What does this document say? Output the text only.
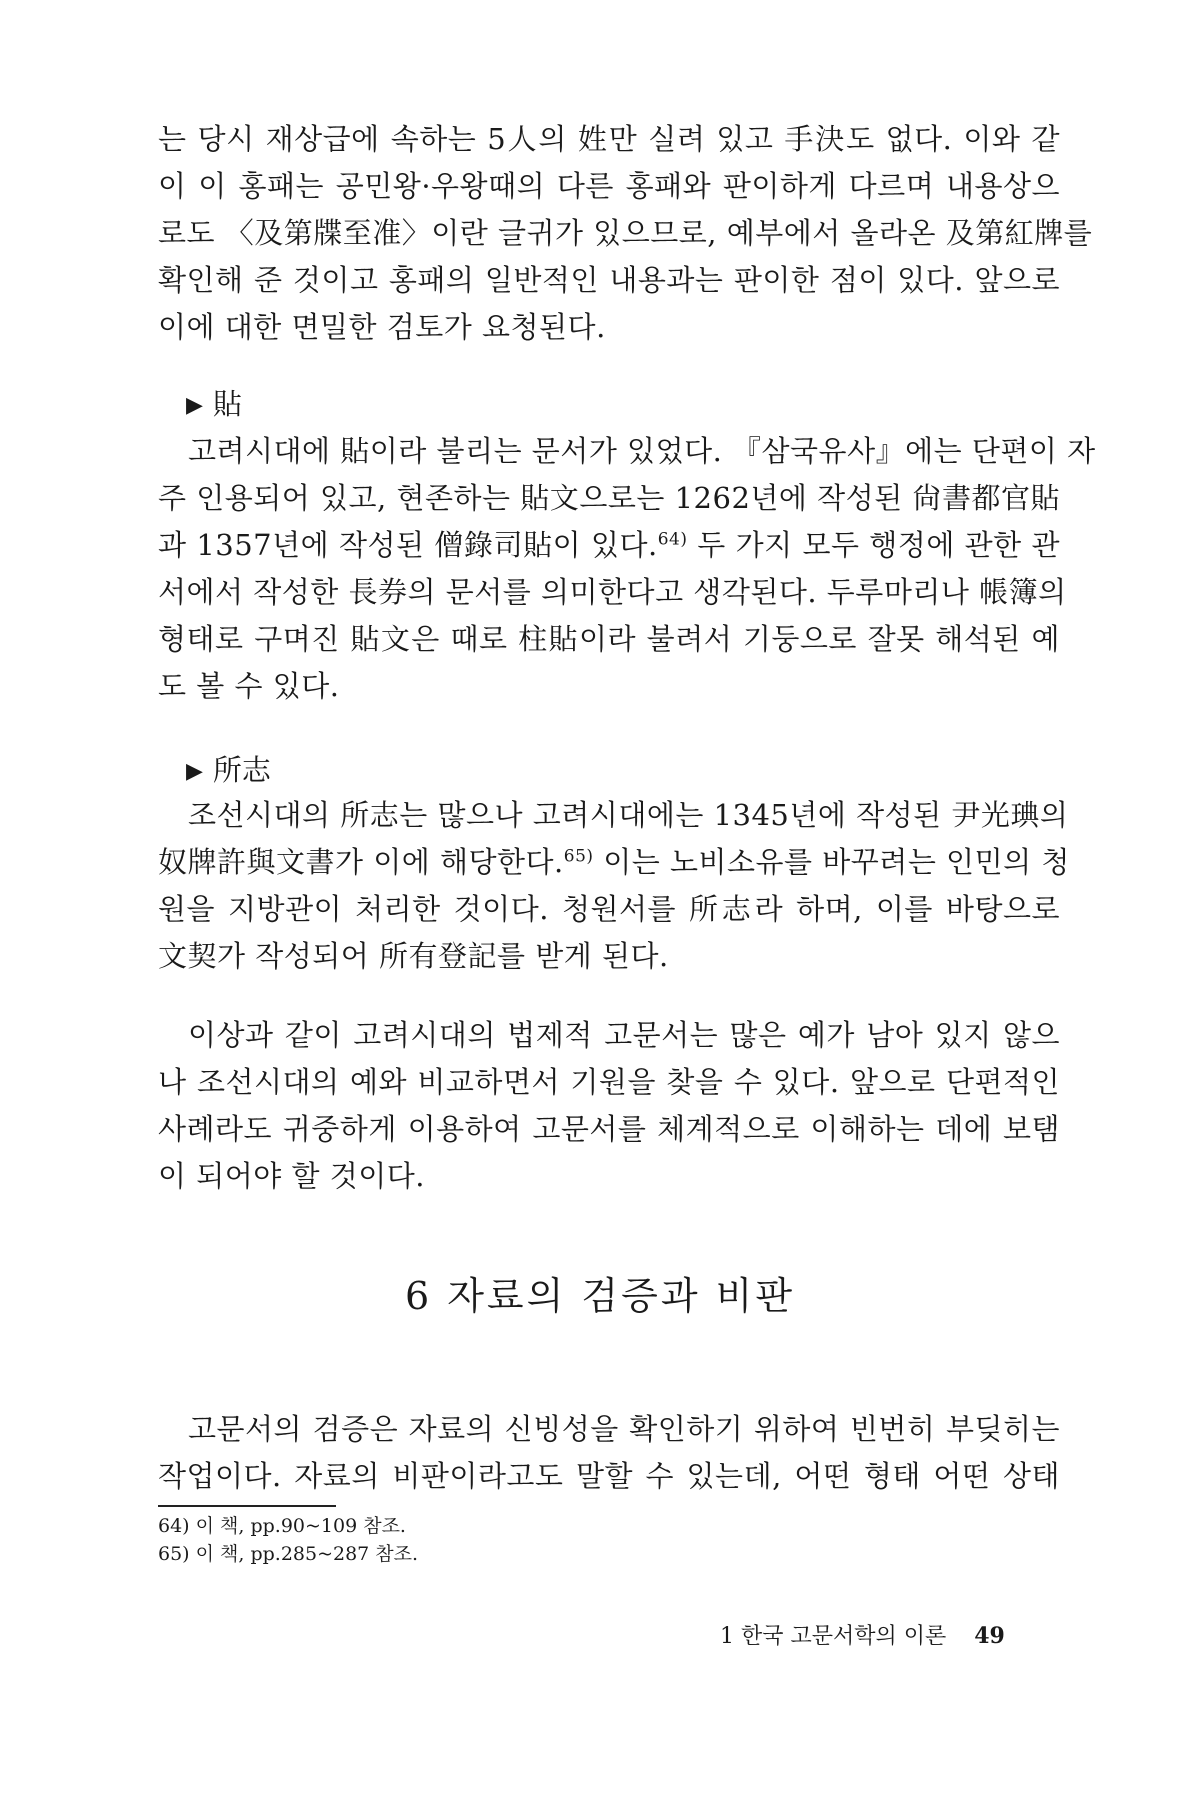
는 당시 재상급에 속하는 5人의 姓만 실려 있고 手決도 없다. 이와 같
이 이 홍패는 공민왕·우왕때의 다른 홍패와 판이하게 다르며 내용상으
로도 〈及第牒至准〉이란 글귀가 있으므로, 예부에서 올라온 及第紅牌를
확인해 준 것이고 홍패의 일반적인 내용과는 판이한 점이 있다. 앞으로
이에 대한 면밀한 검토가 요청된다.
▶ 貼
고려시대에 貼이라 불리는 문서가 있었다. 『삼국유사』에는 단편이 자
주 인용되어 있고, 현존하는 貼文으로는 1262년에 작성된 尙書都官貼
과 1357년에 작성된 僧錄司貼이 있다.$^{64)}$ 두 가지 모두 행정에 관한 관
서에서 작성한 長券의 문서를 의미한다고 생각된다. 두루마리나 帳簿의
형태로 구며진 貼文은 때로 柱貼이라 불려서 기둥으로 잘못 해석된 예
도 볼 수 있다.
▶ 所志
조선시대의 所志는 많으나 고려시대에는 1345년에 작성된 尹光琠의
奴牌許與文書가 이에 해당한다.$^{65)}$ 이는 노비소유를 바꾸려는 인민의 청
원을 지방관이 처리한 것이다. 청원서를 所志라 하며, 이를 바탕으로
文契가 작성되어 所有登記를 받게 된다.
이상과 같이 고려시대의 법제적 고문서는 많은 예가 남아 있지 않으
나 조선시대의 예와 비교하면서 기원을 찾을 수 있다. 앞으로 단편적인
사례라도 귀중하게 이용하여 고문서를 체계적으로 이해하는 데에 보탬
이 되어야 할 것이다.
6 자료의 검증과 비판
고문서의 검증은 자료의 신빙성을 확인하기 위하여 빈번히 부딪히는
작업이다. 자료의 비판이라고도 말할 수 있는데, 어떤 형태 어떤 상태
64) 이 책, pp.90~109 참조.
65) 이 책, pp.285~287 참조.
1 한국 고문서학의 이론 49
